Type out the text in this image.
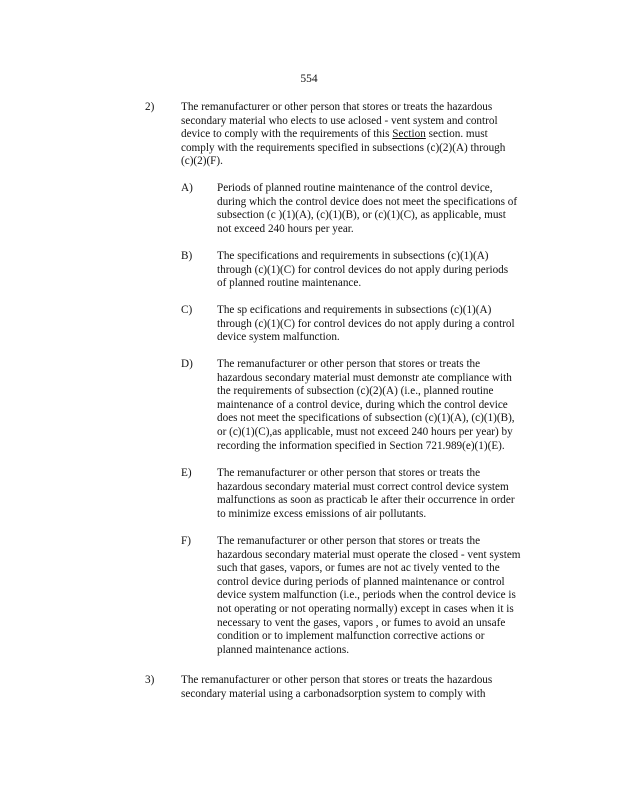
554
2) The remanufacturer or other person that stores or treats the hazardous
secondary material who elects to use aclosed - vent system and control
device to comply with the requirements of this Section section. must
comply with the requirements specified in subsections (c)(2)(A) through
(c)(2)(F).
A) Periods of planned routine maintenance of the control device,
during which the control device does not meet the specifications of
subsection (c )(1)(A), (c)(1)(B), or (c)(1)(C), as applicable, must
not exceed 240 hours per year.
B) The specifications and requirements in subsections (c)(1)(A)
through (c)(1)(C) for control devices do not apply during periods
of planned routine maintenance.
C) The sp ecifications and requirements in subsections (c)(1)(A)
through (c)(1)(C) for control devices do not apply during a control
device system malfunction.
D) The remanufacturer or other person that stores or treats the
hazardous secondary material must demonstr ate compliance with
the requirements of subsection (c)(2)(A) (i.e., planned routine
maintenance of a control device, during which the control device
does not meet the specifications of subsection (c)(1)(A), (c)(1)(B),
or (c)(1)(C),as applicable, must not exceed 240 hours per year) by
recording the information specified in Section 721.989(e)(1)(E).
E) The remanufacturer or other person that stores or treats the
hazardous secondary material must correct control device system
malfunctions as soon as practicab le after their occurrence in order
to minimize excess emissions of air pollutants.
F) The remanufacturer or other person that stores or treats the
hazardous secondary material must operate the closed - vent system
such that gases, vapors, or fumes are not ac tively vented to the
control device during periods of planned maintenance or control
device system malfunction (i.e., periods when the control device is
not operating or not operating normally) except in cases when it is
necessary to vent the gases, vapors , or fumes to avoid an unsafe
condition or to implement malfunction corrective actions or
planned maintenance actions.
3) The remanufacturer or other person that stores or treats the hazardous
secondary material using a carbonadsorption system to comply with
